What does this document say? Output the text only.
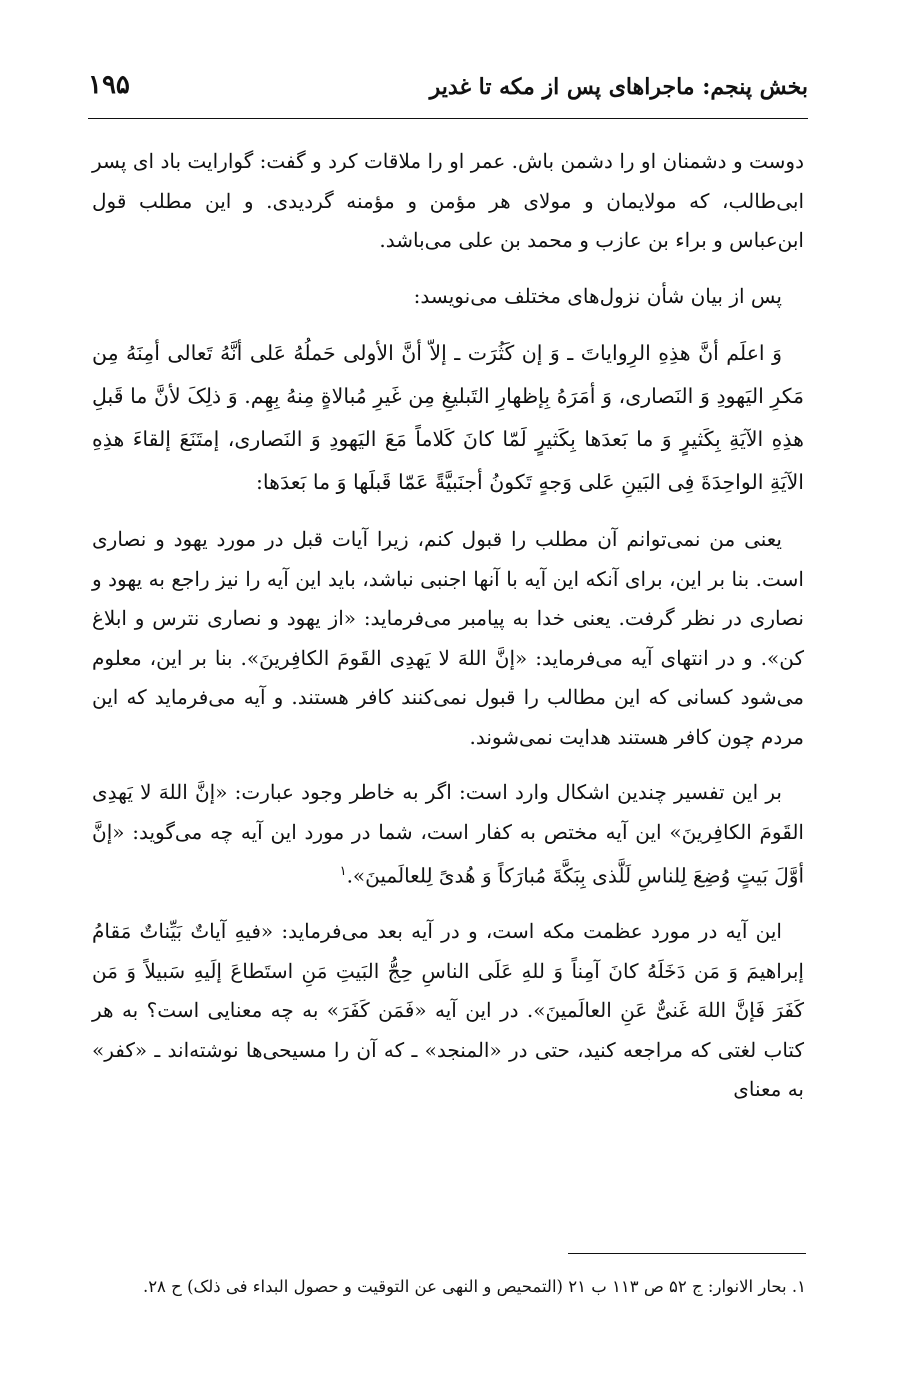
بخش پنجم: ماجراهای پس از مکه تا غدیر
۱۹۵

دوست و دشمنان او را دشمن باش. عمر او را ملاقات کرد و گفت: گوارایت باد ای پسر ابی‌طالب، که مولایمان و مولای هر مؤمن و مؤمنه گردیدی. و این مطلب قول ابن‌عباس و براء بن عازب و محمد بن علی می‌باشد.

پس از بیان شأن نزول‌های مختلف می‌نویسد:

وَ اعلَم أنَّ هذِهِ الرِوایاتَ ـ وَ إن کَثُرَت ـ إلاّ أنَّ الأولی حَملُهُ عَلی أنَّهُ تَعالی أمِنَهُ مِن مَکرِ الیَهودِ وَ النَصاری، وَ أمَرَهُ بِإظهارِ التَبلیغِ مِن غَیرِ مُبالاةٍ مِنهُ بِهِم. وَ ذلِکَ لأنَّ ما قَبلِ هذِهِ الآیَةِ بِکَثیرٍ وَ ما بَعدَها بِکَثیرٍ لَمّا کانَ کَلاماً مَعَ الیَهودِ وَ النَصاری، إمتَنَعَ إلقاءَ هذِهِ الآیَةِ الواحِدَةَ فِی البَینِ عَلی وَجهٍ تَکونُ أجنَبیَّةً عَمّا قَبلَها وَ ما بَعدَها:

یعنی من نمی‌توانم آن مطلب را قبول کنم، زیرا آیات قبل در مورد یهود و نصاری است. بنا بر این، برای آنکه این آیه با آنها اجنبی نباشد، باید این آیه را نیز راجع به یهود و نصاری در نظر گرفت. یعنی خدا به پیامبر می‌فرماید: «از یهود و نصاری نترس و ابلاغ کن». و در انتهای آیه می‌فرماید: «إنَّ اللهَ لا یَهدِی القَومَ الکافِرینَ». بنا بر این، معلوم می‌شود کسانی که این مطالب را قبول نمی‌کنند کافر هستند. و آیه می‌فرماید که این مردم چون کافر هستند هدایت نمی‌شوند.

بر این تفسیر چندین اشکال وارد است: اگر به خاطر وجود عبارت: «إنَّ اللهَ لا یَهدِی القَومَ الکافِرینَ» این آیه مختص به کفار است، شما در مورد این آیه چه می‌گوید: «إنَّ أوَّلَ بَیتٍ وُضِعَ لِلناسِ لَلَّذی بِبَکَّةَ مُبارَکاً وَ هُدیً لِلعالَمینَ».$^۱$

این آیه در مورد عظمت مکه است، و در آیه بعد می‌فرماید: «فیهِ آیاتٌ بَیِّناتٌ مَقامُ إبراهیمَ وَ مَن دَخَلَهُ کانَ آمِناً وَ للهِ عَلَی الناسِ حِجُّ البَیتِ مَنِ استَطاعَ إلَیهِ سَبیلاً وَ مَن کَفَرَ فَإنَّ اللهَ غَنیٌّ عَنِ العالَمینَ». در این آیه «فَمَن کَفَرَ» به چه معنایی است؟ به هر کتاب لغتی که مراجعه کنید، حتی در «المنجد» ـ که آن را مسیحی‌ها نوشته‌اند ـ «کفر» به معنای

۱. بحار الانوار: ج ۵۲ ص ۱۱۳ ب ۲۱ (التمحیص و النهی عن التوقیت و حصول البداء فی ذلک) ح ۲۸.
